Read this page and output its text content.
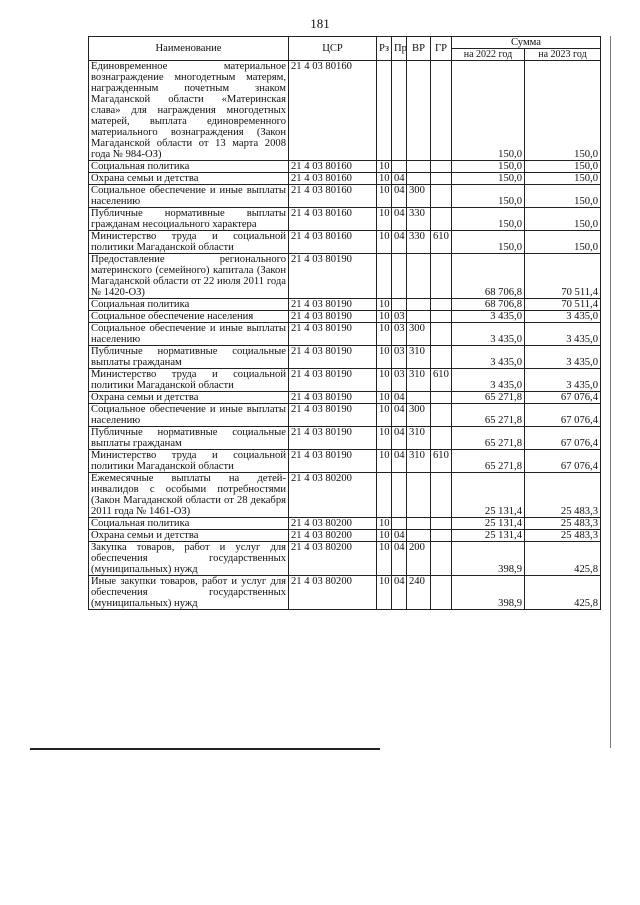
181
Наименование	ЦСР	Рз	Пр	ВР	ГР	Сумма	
						на 2022 год	на 2023 год
Единовременное материальное вознаграждение многодетным матерям, награжденным почетным знаком Магаданской области «Материнская слава» для награждения многодетных матерей, выплата единовременного материального вознаграждения (Закон Магаданской области от 13 марта 2008 года № 984-ОЗ)	21 4 03 80160					150,0	150,0
Социальная политика	21 4 03 80160	10				150,0	150,0
Охрана семьи и детства	21 4 03 80160	10	04			150,0	150,0
Социальное обеспечение и иные выплаты населению	21 4 03 80160	10	04	300		150,0	150,0
Публичные нормативные выплаты гражданам несоциального характера	21 4 03 80160	10	04	330		150,0	150,0
Министерство труда и социальной политики Магаданской области	21 4 03 80160	10	04	330	610	150,0	150,0
Предоставление регионального материнского (семейного) капитала (Закон Магаданской области от 22 июля 2011 года № 1420-ОЗ)	21 4 03 80190					68 706,8	70 511,4
Социальная политика	21 4 03 80190	10				68 706,8	70 511,4
Социальное обеспечение населения	21 4 03 80190	10	03			3 435,0	3 435,0
Социальное обеспечение и иные выплаты населению	21 4 03 80190	10	03	300		3 435,0	3 435,0
Публичные нормативные социальные выплаты гражданам	21 4 03 80190	10	03	310		3 435,0	3 435,0
Министерство труда и социальной политики Магаданской области	21 4 03 80190	10	03	310	610	3 435,0	3 435,0
Охрана семьи и детства	21 4 03 80190	10	04			65 271,8	67 076,4
Социальное обеспечение и иные выплаты населению	21 4 03 80190	10	04	300		65 271,8	67 076,4
Публичные нормативные социальные выплаты гражданам	21 4 03 80190	10	04	310		65 271,8	67 076,4
Министерство труда и социальной политики Магаданской области	21 4 03 80190	10	04	310	610	65 271,8	67 076,4
Ежемесячные выплаты на детей-инвалидов с особыми потребностями (Закон Магаданской области от 28 декабря 2011 года № 1461-ОЗ)	21 4 03 80200					25 131,4	25 483,3
Социальная политика	21 4 03 80200	10				25 131,4	25 483,3
Охрана семьи и детства	21 4 03 80200	10	04			25 131,4	25 483,3
Закупка товаров, работ и услуг для обеспечения государственных (муниципальных) нужд	21 4 03 80200	10	04	200		398,9	425,8
Иные закупки товаров, работ и услуг для обеспечения государственных (муниципальных) нужд	21 4 03 80200	10	04	240		398,9	425,8
